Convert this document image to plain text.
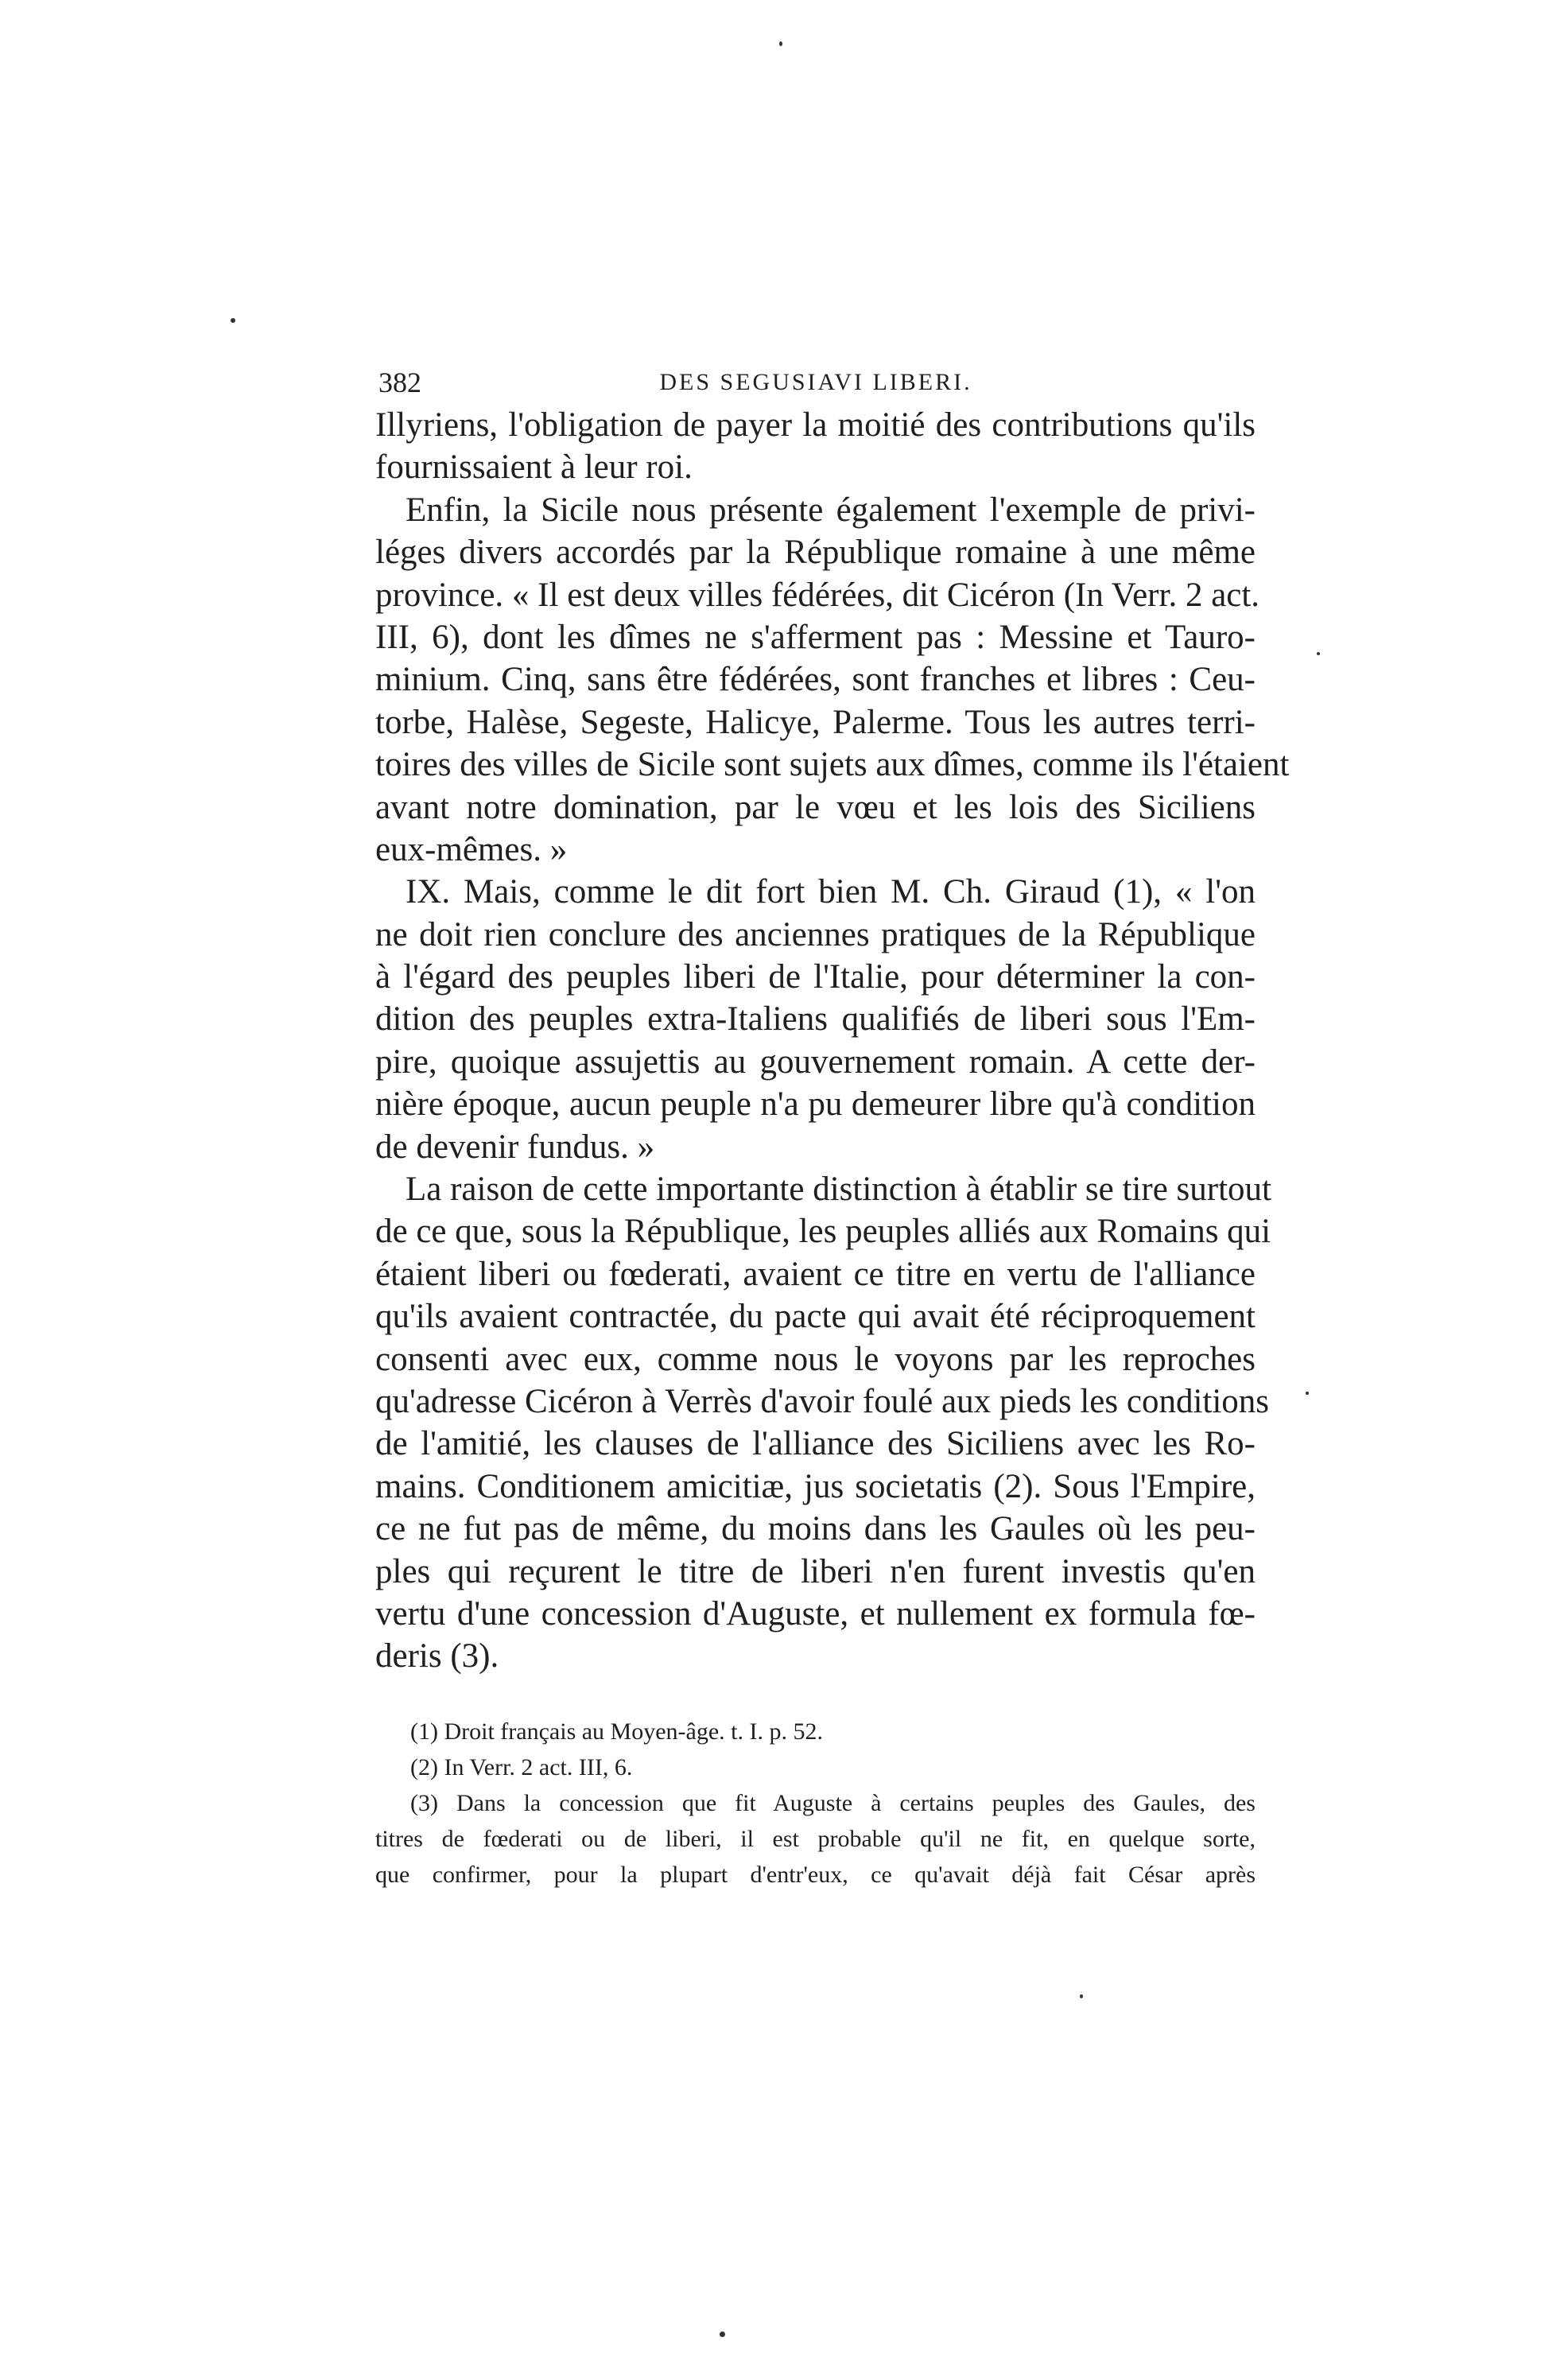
382	DES SEGUSIAVI LIBERI.
Illyriens, l'obligation de payer la moitié des contributions qu'ils
fournissaient à leur roi.
Enfin, la Sicile nous présente également l'exemple de privi-
léges divers accordés par la République romaine à une même
province. « Il est deux villes fédérées, dit Cicéron (In Verr. 2 act.
III, 6), dont les dîmes ne s'afferment pas : Messine et Tauro-
minium. Cinq, sans être fédérées, sont franches et libres : Ceu-
torbe, Halèse, Segeste, Halicye, Palerme. Tous les autres terri-
toires des villes de Sicile sont sujets aux dîmes, comme ils l'étaient
avant notre domination, par le vœu et les lois des Siciliens
eux-mêmes. »
IX. Mais, comme le dit fort bien M. Ch. Giraud (1), « l'on
ne doit rien conclure des anciennes pratiques de la République
à l'égard des peuples liberi de l'Italie, pour déterminer la con-
dition des peuples extra-Italiens qualifiés de liberi sous l'Em-
pire, quoique assujettis au gouvernement romain. A cette der-
nière époque, aucun peuple n'a pu demeurer libre qu'à condition
de devenir fundus. »
La raison de cette importante distinction à établir se tire surtout
de ce que, sous la République, les peuples alliés aux Romains qui
étaient liberi ou fœderati, avaient ce titre en vertu de l'alliance
qu'ils avaient contractée, du pacte qui avait été réciproquement
consenti avec eux, comme nous le voyons par les reproches
qu'adresse Cicéron à Verrès d'avoir foulé aux pieds les conditions
de l'amitié, les clauses de l'alliance des Siciliens avec les Ro-
mains. Conditionem amicitiæ, jus societatis (2). Sous l'Empire,
ce ne fut pas de même, du moins dans les Gaules où les peu-
ples qui reçurent le titre de liberi n'en furent investis qu'en
vertu d'une concession d'Auguste, et nullement ex formula fœ-
deris (3).
(1) Droit français au Moyen-âge. t. I. p. 52.
(2) In Verr. 2 act. III, 6.
(3) Dans la concession que fit Auguste à certains peuples des Gaules, des
titres de fœderati ou de liberi, il est probable qu'il ne fit, en quelque sorte,
que confirmer, pour la plupart d'entr'eux, ce qu'avait déjà fait César après
